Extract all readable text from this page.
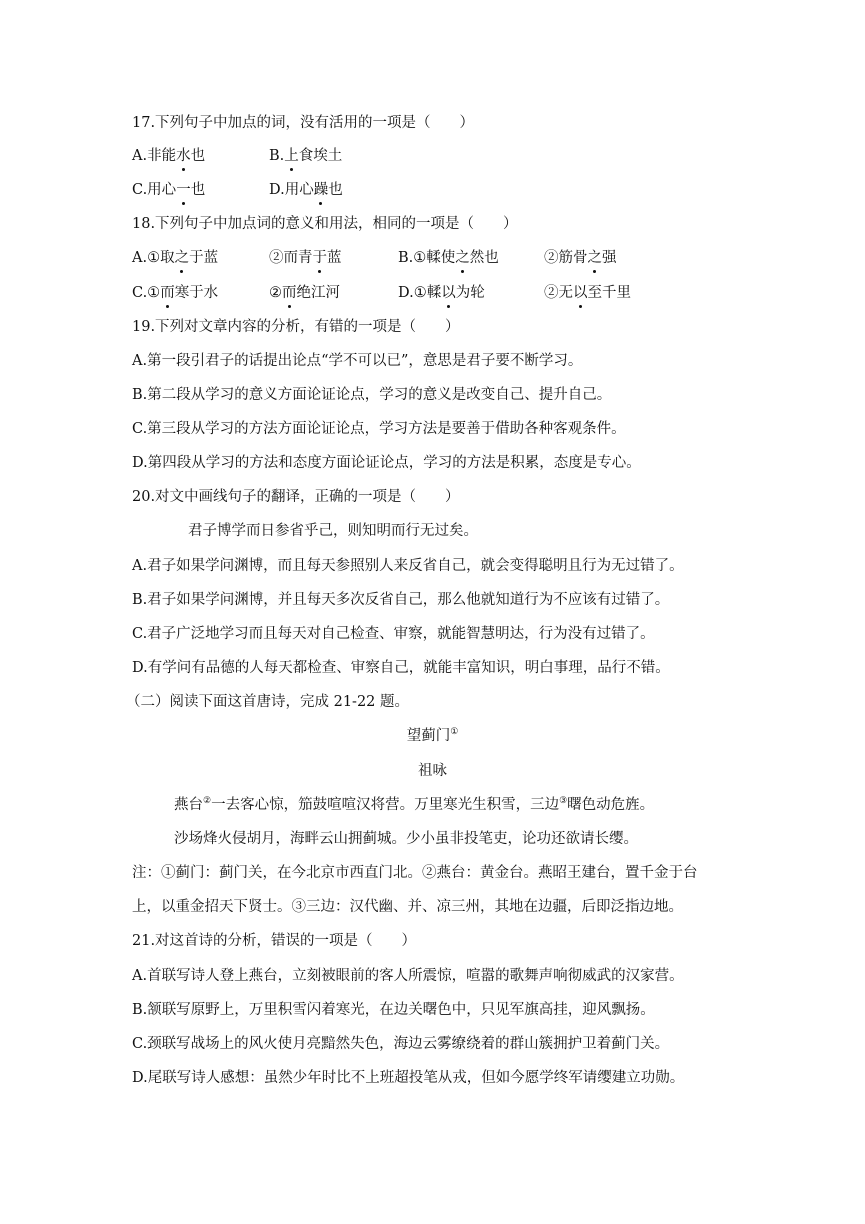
17.下列句子中加点的词，没有活用的一项是（　　）
A.非能水也	B.上食埃土
C.用心一也	D.用心躁也
18.下列句子中加点词的意义和用法，相同的一项是（　　）
A.①取之于蓝	②而青于蓝	B.①輮使之然也	②筋骨之强
C.①而寒于水	②而绝江河	D.①輮以为轮	②无以至千里
19.下列对文章内容的分析，有错的一项是（　　）
A.第一段引君子的话提出论点“学不可以已”，意思是君子要不断学习。
B.第二段从学习的意义方面论证论点，学习的意义是改变自己、提升自己。
C.第三段从学习的方法方面论证论点，学习方法是要善于借助各种客观条件。
D.第四段从学习的方法和态度方面论证论点，学习的方法是积累，态度是专心。
20.对文中画线句子的翻译，正确的一项是（　　）
君子博学而日参省乎己，则知明而行无过矣。
A.君子如果学问渊博，而且每天参照别人来反省自己，就会变得聪明且行为无过错了。
B.君子如果学问渊博，并且每天多次反省自己，那么他就知道行为不应该有过错了。
C.君子广泛地学习而且每天对自己检查、审察，就能智慧明达，行为没有过错了。
D.有学问有品德的人每天都检查、审察自己，就能丰富知识，明白事理，品行不错。
（二）阅读下面这首唐诗，完成 21-22 题。
望蓟门①
祖咏
燕台②一去客心惊，笳鼓喧喧汉将营。万里寒光生积雪，三边③曙色动危旌。
沙场烽火侵胡月，海畔云山拥蓟城。少小虽非投笔吏，论功还欲请长缨。
注：①蓟门：蓟门关，在今北京市西直门北。②燕台：黄金台。燕昭王建台，置千金于台
上，以重金招天下贤士。③三边：汉代幽、并、凉三州，其地在边疆，后即泛指边地。
21.对这首诗的分析，错误的一项是（　　）
A.首联写诗人登上燕台，立刻被眼前的客人所震惊，喧嚣的歌舞声响彻威武的汉家营。
B.颔联写原野上，万里积雪闪着寒光，在边关曙色中，只见军旗高挂，迎风飘扬。
C.颈联写战场上的风火使月亮黯然失色，海边云雾缭绕着的群山簇拥护卫着蓟门关。
D.尾联写诗人感想：虽然少年时比不上班超投笔从戎，但如今愿学终军请缨建立功勋。
